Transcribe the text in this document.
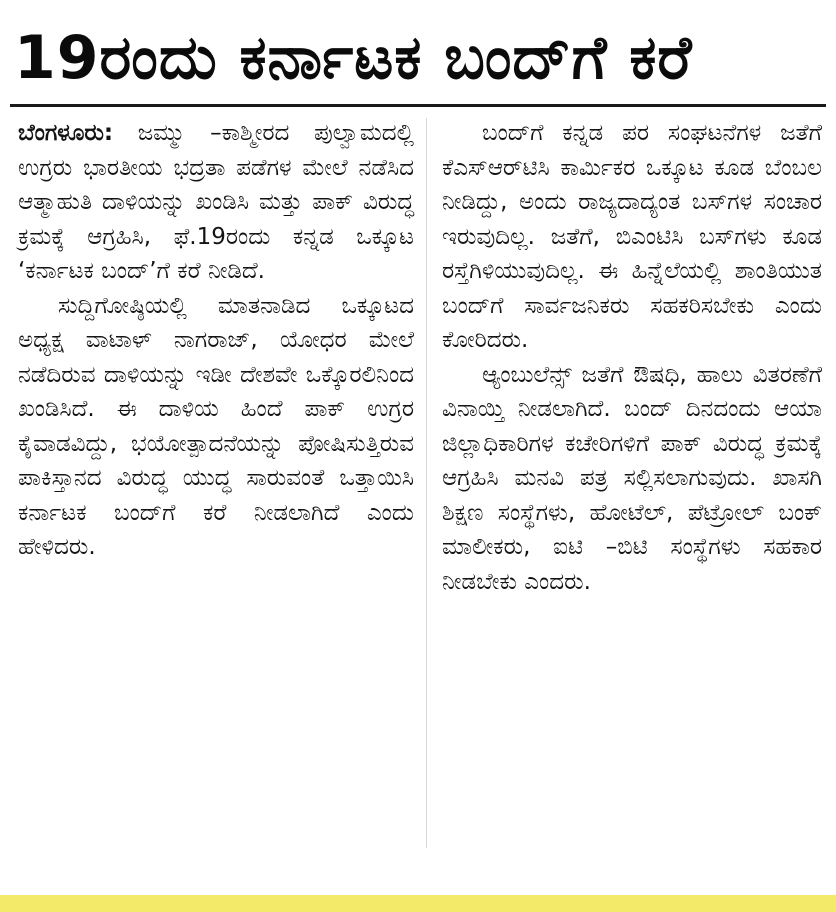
19ರಂದು ಕರ್ನಾಟಕ ಬಂದ್‌ಗೆ ಕರೆ

ಬೆಂಗಳೂರು: ಜಮ್ಮು –ಕಾಶ್ಮೀರದ ಪುಲ್ವಾಮದಲ್ಲಿ ಉಗ್ರರು ಭಾರತೀಯ ಭದ್ರತಾ ಪಡೆಗಳ ಮೇಲೆ ನಡೆಸಿದ ಆತ್ಮಾಹುತಿ ದಾಳಿಯನ್ನು ಖಂಡಿಸಿ ಮತ್ತು ಪಾಕ್ ವಿರುದ್ಧ ಕ್ರಮಕ್ಕೆ ಆಗ್ರಹಿಸಿ, ಫೆ.19ರಂದು ಕನ್ನಡ ಒಕ್ಕೂಟ ‘ಕರ್ನಾಟಕ ಬಂದ್’ಗೆ ಕರೆ ನೀಡಿದೆ.

ಸುದ್ದಿಗೋಷ್ಠಿಯಲ್ಲಿ ಮಾತನಾಡಿದ ಒಕ್ಕೂಟದ ಅಧ್ಯಕ್ಷ ವಾಟಾಳ್ ನಾಗರಾಜ್, ಯೋಧರ ಮೇಲೆ ನಡೆದಿರುವ ದಾಳಿಯನ್ನು ಇಡೀ ದೇಶವೇ ಒಕ್ಕೊರಲಿನಿಂದ ಖಂಡಿಸಿದೆ. ಈ ದಾಳಿಯ ಹಿಂದೆ ಪಾಕ್ ಉಗ್ರರ ಕೈವಾಡವಿದ್ದು, ಭಯೋತ್ಪಾದನೆಯನ್ನು ಪೋಷಿಸುತ್ತಿರುವ ಪಾಕಿಸ್ತಾನದ ವಿರುದ್ಧ ಯುದ್ಧ ಸಾರುವಂತೆ ಒತ್ತಾಯಿಸಿ ಕರ್ನಾಟಕ ಬಂದ್‌ಗೆ ಕರೆ ನೀಡಲಾಗಿದೆ ಎಂದು ಹೇಳಿದರು.

ಬಂದ್‌ಗೆ ಕನ್ನಡ ಪರ ಸಂಘಟನೆಗಳ ಜತೆಗೆ ಕೆಎಸ್‌ಆರ್‌ಟಿಸಿ ಕಾರ್ಮಿಕರ ಒಕ್ಕೂಟ ಕೂಡ ಬೆಂಬಲ ನೀಡಿದ್ದು, ಅಂದು ರಾಜ್ಯದಾದ್ಯಂತ ಬಸ್‌ಗಳ ಸಂಚಾರ ಇರುವುದಿಲ್ಲ. ಜತೆಗೆ, ಬಿಎಂಟಿಸಿ ಬಸ್‌ಗಳು ಕೂಡ ರಸ್ತೆಗಿಳಿಯುವುದಿಲ್ಲ. ಈ ಹಿನ್ನೆಲೆಯಲ್ಲಿ ಶಾಂತಿಯುತ ಬಂದ್‌ಗೆ ಸಾರ್ವಜನಿಕರು ಸಹಕರಿಸಬೇಕು ಎಂದು ಕೋರಿದರು.

ಆ್ಯಂಬುಲೆನ್ಸ್ ಜತೆಗೆ ಔಷಧಿ, ಹಾಲು ವಿತರಣೆಗೆ ವಿನಾಯ್ತಿ ನೀಡಲಾಗಿದೆ. ಬಂದ್ ದಿನದಂದು ಆಯಾ ಜಿಲ್ಲಾಧಿಕಾರಿಗಳ ಕಚೇರಿಗಳಿಗೆ ಪಾಕ್ ವಿರುದ್ಧ ಕ್ರಮಕ್ಕೆ ಆಗ್ರಹಿಸಿ ಮನವಿ ಪತ್ರ ಸಲ್ಲಿಸಲಾಗುವುದು. ಖಾಸಗಿ ಶಿಕ್ಷಣ ಸಂಸ್ಥೆಗಳು, ಹೋಟೆಲ್, ಪೆಟ್ರೋಲ್ ಬಂಕ್ ಮಾಲೀಕರು, ಐಟಿ –ಬಿಟಿ ಸಂಸ್ಥೆಗಳು ಸಹಕಾರ ನೀಡಬೇಕು ಎಂದರು.
